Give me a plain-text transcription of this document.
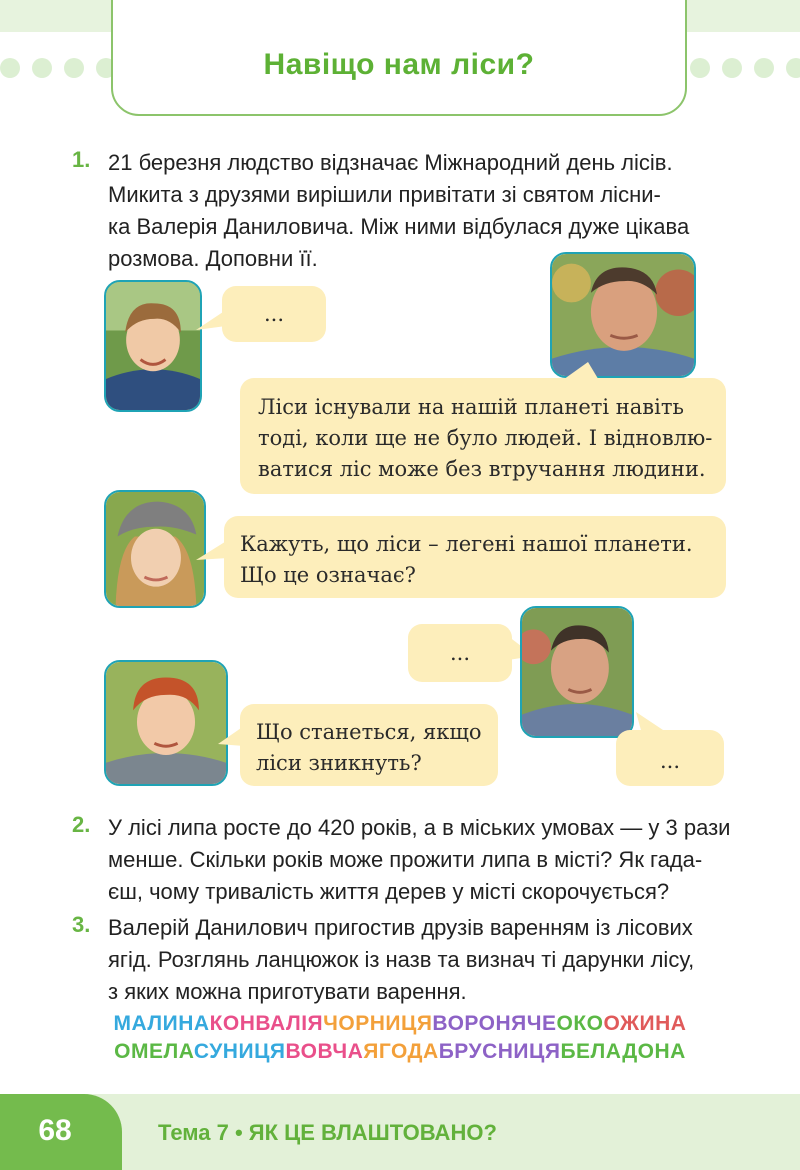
Навіщо нам ліси?
1. 21 березня людство відзначає Міжнародний день лісів.
Микита з друзями вирішили привітати зі святом лісни-
ка Валерія Даниловича. Між ними відбулася дуже цікава
розмова. Доповни її.
...
Ліси існували на нашій планеті навіть
тоді, коли ще не було людей. І відновлю-
ватися ліс може без втручання людини.
Кажуть, що ліси – легені нашої планети.
Що це означає?
...
Що станеться, якщо
ліси зникнуть?	...
2. У лісі липа росте до 420 років, а в міських умовах — у 3 рази
менше. Скільки років може прожити липа в місті? Як гада-
єш, чому тривалість життя дерев у місті скорочується?
3. Валерій Данилович пригостив друзів варенням із лісових
ягід. Розглянь ланцюжок із назв та визнач ті дарунки лісу,
з яких можна приготувати варення.
МАЛИНАКОНВАЛІЯЧОРНИЦЯВОРОНЯЧЕОКООЖИНА
ОМЕЛАСУНИЦЯВОВЧАЯГОДАБРУСНИЦЯБЕЛАДОНА
68	Тема 7 • ЯК ЦЕ ВЛАШТОВАНО?
